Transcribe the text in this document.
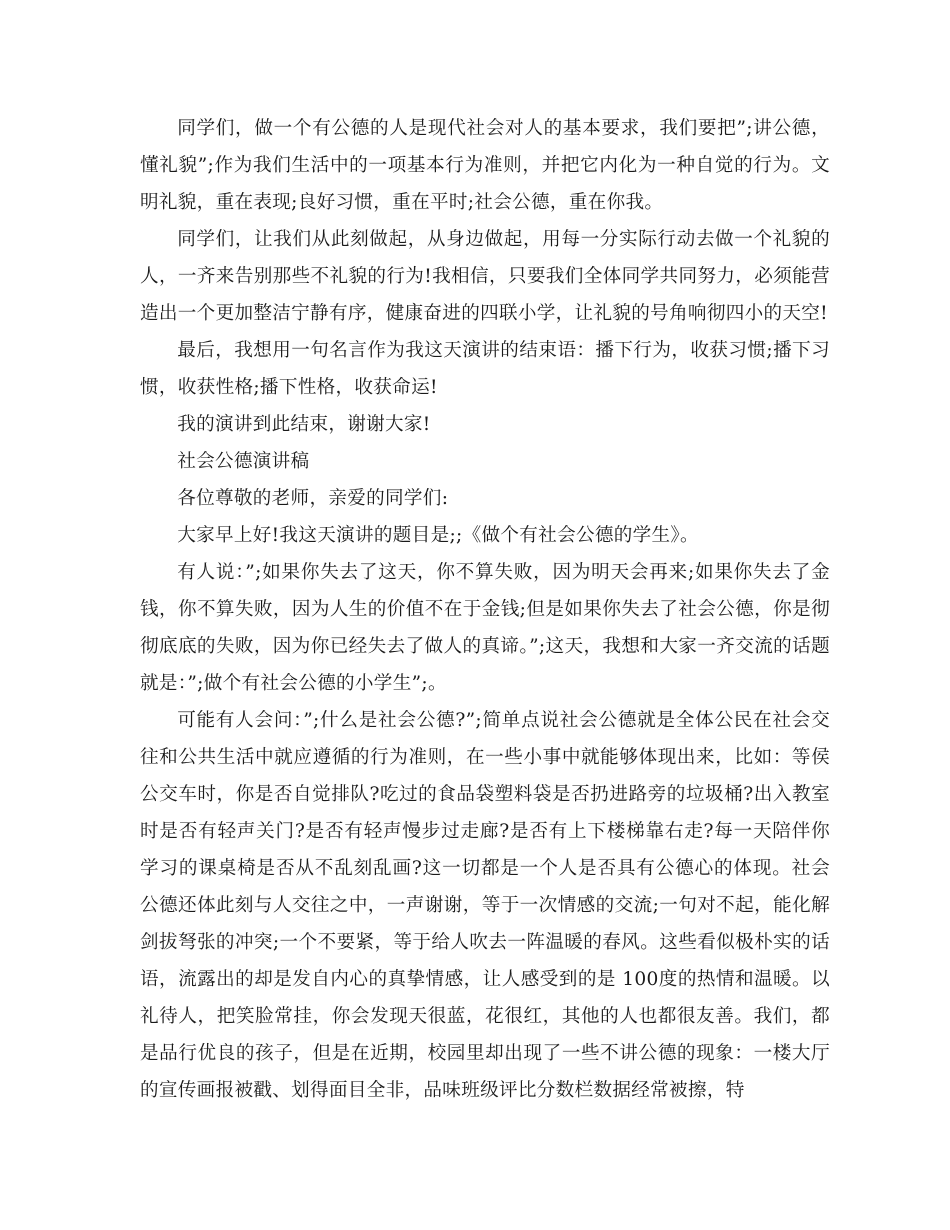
同学们，做一个有公德的人是现代社会对人的基本要求，我们要把”;讲公德，懂礼貌”;作为我们生活中的一项基本行为准则，并把它内化为一种自觉的行为。文明礼貌，重在表现;良好习惯，重在平时;社会公德，重在你我。

同学们，让我们从此刻做起，从身边做起，用每一分实际行动去做一个礼貌的人，一齐来告别那些不礼貌的行为!我相信，只要我们全体同学共同努力，必须能营造出一个更加整洁宁静有序，健康奋进的四联小学，让礼貌的号角响彻四小的天空!

最后，我想用一句名言作为我这天演讲的结束语：播下行为，收获习惯;播下习惯，收获性格;播下性格，收获命运!

我的演讲到此结束，谢谢大家!

社会公德演讲稿

各位尊敬的老师，亲爱的同学们:

大家早上好!我这天演讲的题目是;;《做个有社会公德的学生》。

有人说：”;如果你失去了这天，你不算失败，因为明天会再来;如果你失去了金钱，你不算失败，因为人生的价值不在于金钱;但是如果你失去了社会公德，你是彻彻底底的失败，因为你已经失去了做人的真谛。”;这天，我想和大家一齐交流的话题就是：”;做个有社会公德的小学生”;。

可能有人会问：”;什么是社会公德?”;简单点说社会公德就是全体公民在社会交往和公共生活中就应遵循的行为准则，在一些小事中就能够体现出来，比如：等侯公交车时，你是否自觉排队?吃过的食品袋塑料袋是否扔进路旁的垃圾桶?出入教室时是否有轻声关门?是否有轻声慢步过走廊?是否有上下楼梯靠右走?每一天陪伴你学习的课桌椅是否从不乱刻乱画?这一切都是一个人是否具有公德心的体现。社会公德还体此刻与人交往之中，一声谢谢，等于一次情感的交流;一句对不起，能化解剑拔弩张的冲突;一个不要紧，等于给人吹去一阵温暖的春风。这些看似极朴实的话语，流露出的却是发自内心的真挚情感，让人感受到的是 100度的热情和温暖。以礼待人，把笑脸常挂，你会发现天很蓝，花很红，其他的人也都很友善。我们，都是品行优良的孩子，但是在近期，校园里却出现了一些不讲公德的现象：一楼大厅的宣传画报被戳、划得面目全非，品味班级评比分数栏数据经常被擦，特
